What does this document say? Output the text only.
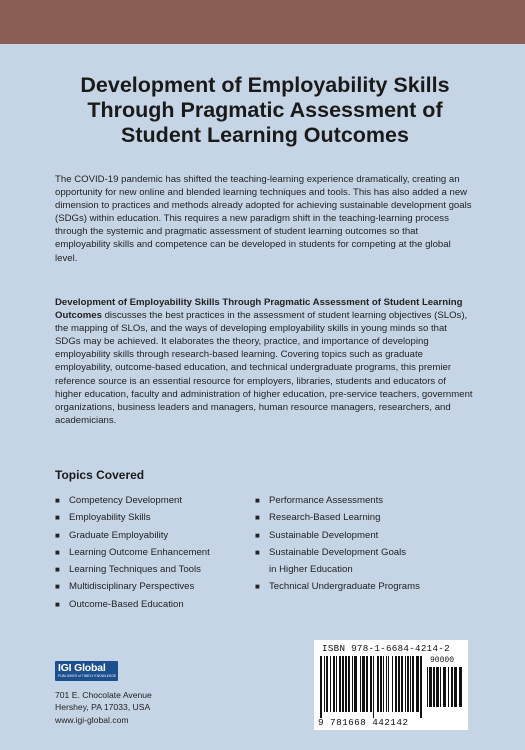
Development of Employability Skills Through Pragmatic Assessment of Student Learning Outcomes

The COVID-19 pandemic has shifted the teaching-learning experience dramatically, creating an opportunity for new online and blended learning techniques and tools. This has also added a new dimension to practices and methods already adopted for achieving sustainable development goals (SDGs) within education. This requires a new paradigm shift in the teaching-learning process through the systemic and pragmatic assessment of student learning outcomes so that employability skills and competence can be developed in students for competing at the global level.

Development of Employability Skills Through Pragmatic Assessment of Student Learning Outcomes discusses the best practices in the assessment of student learning objectives (SLOs), the mapping of SLOs, and the ways of developing employability skills in young minds so that SDGs may be achieved. It elaborates the theory, practice, and importance of developing employability skills through research-based learning. Covering topics such as graduate employability, outcome-based education, and technical undergraduate programs, this premier reference source is an essential resource for employers, libraries, students and educators of higher education, faculty and administration of higher education, pre-service teachers, government organizations, business leaders and managers, human resource managers, researchers, and academicians.

Topics Covered
■ Competency Development
■ Employability Skills
■ Graduate Employability
■ Learning Outcome Enhancement
■ Learning Techniques and Tools
■ Multidisciplinary Perspectives
■ Outcome-Based Education
■ Performance Assessments
■ Research-Based Learning
■ Sustainable Development
■ Sustainable Development Goals
in Higher Education
■ Technical Undergraduate Programs
IGI Global
PUBLISHER of TIMELY KNOWLEDGE

701 E. Chocolate Avenue
Hershey, PA 17033, USA
www.igi-global.com

ISBN 978-1-6684-4214-2
90000
9 781668 442142
